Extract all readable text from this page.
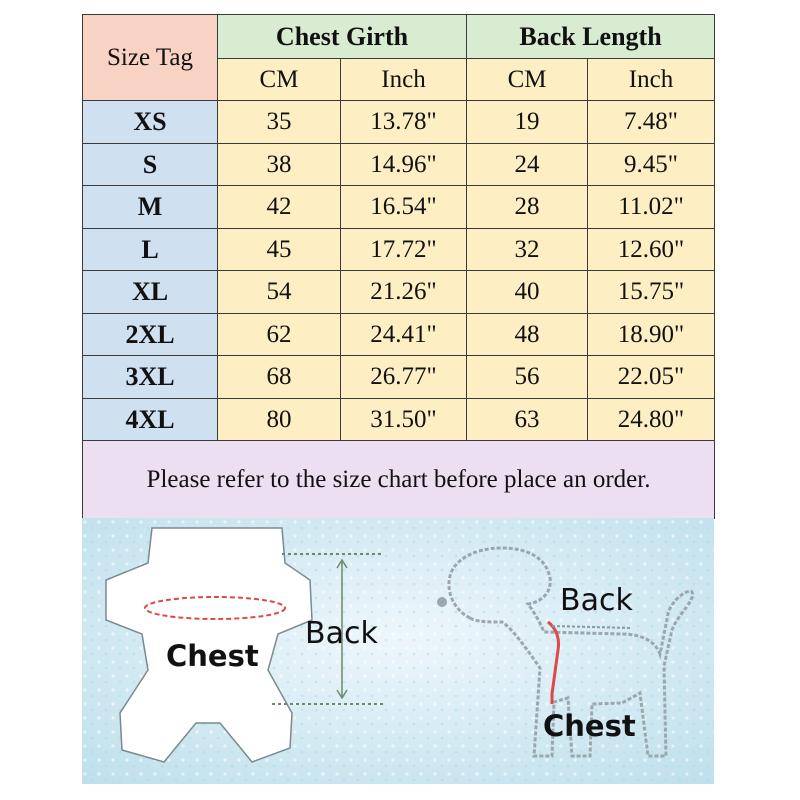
Size Tag	Chest Girth		Back Length	
	CM	Inch	CM	Inch
XS	35	13.78"	19	7.48"
S	38	14.96"	24	9.45"
M	42	16.54"	28	11.02"
L	45	17.72"	32	12.60"
XL	54	21.26"	40	15.75"
2XL	62	24.41"	48	18.90"
3XL	68	26.77"	56	22.05"
4XL	80	31.50"	63	24.80"
Please refer to the size chart before place an order.				
Back
Chest
Back
Chest
